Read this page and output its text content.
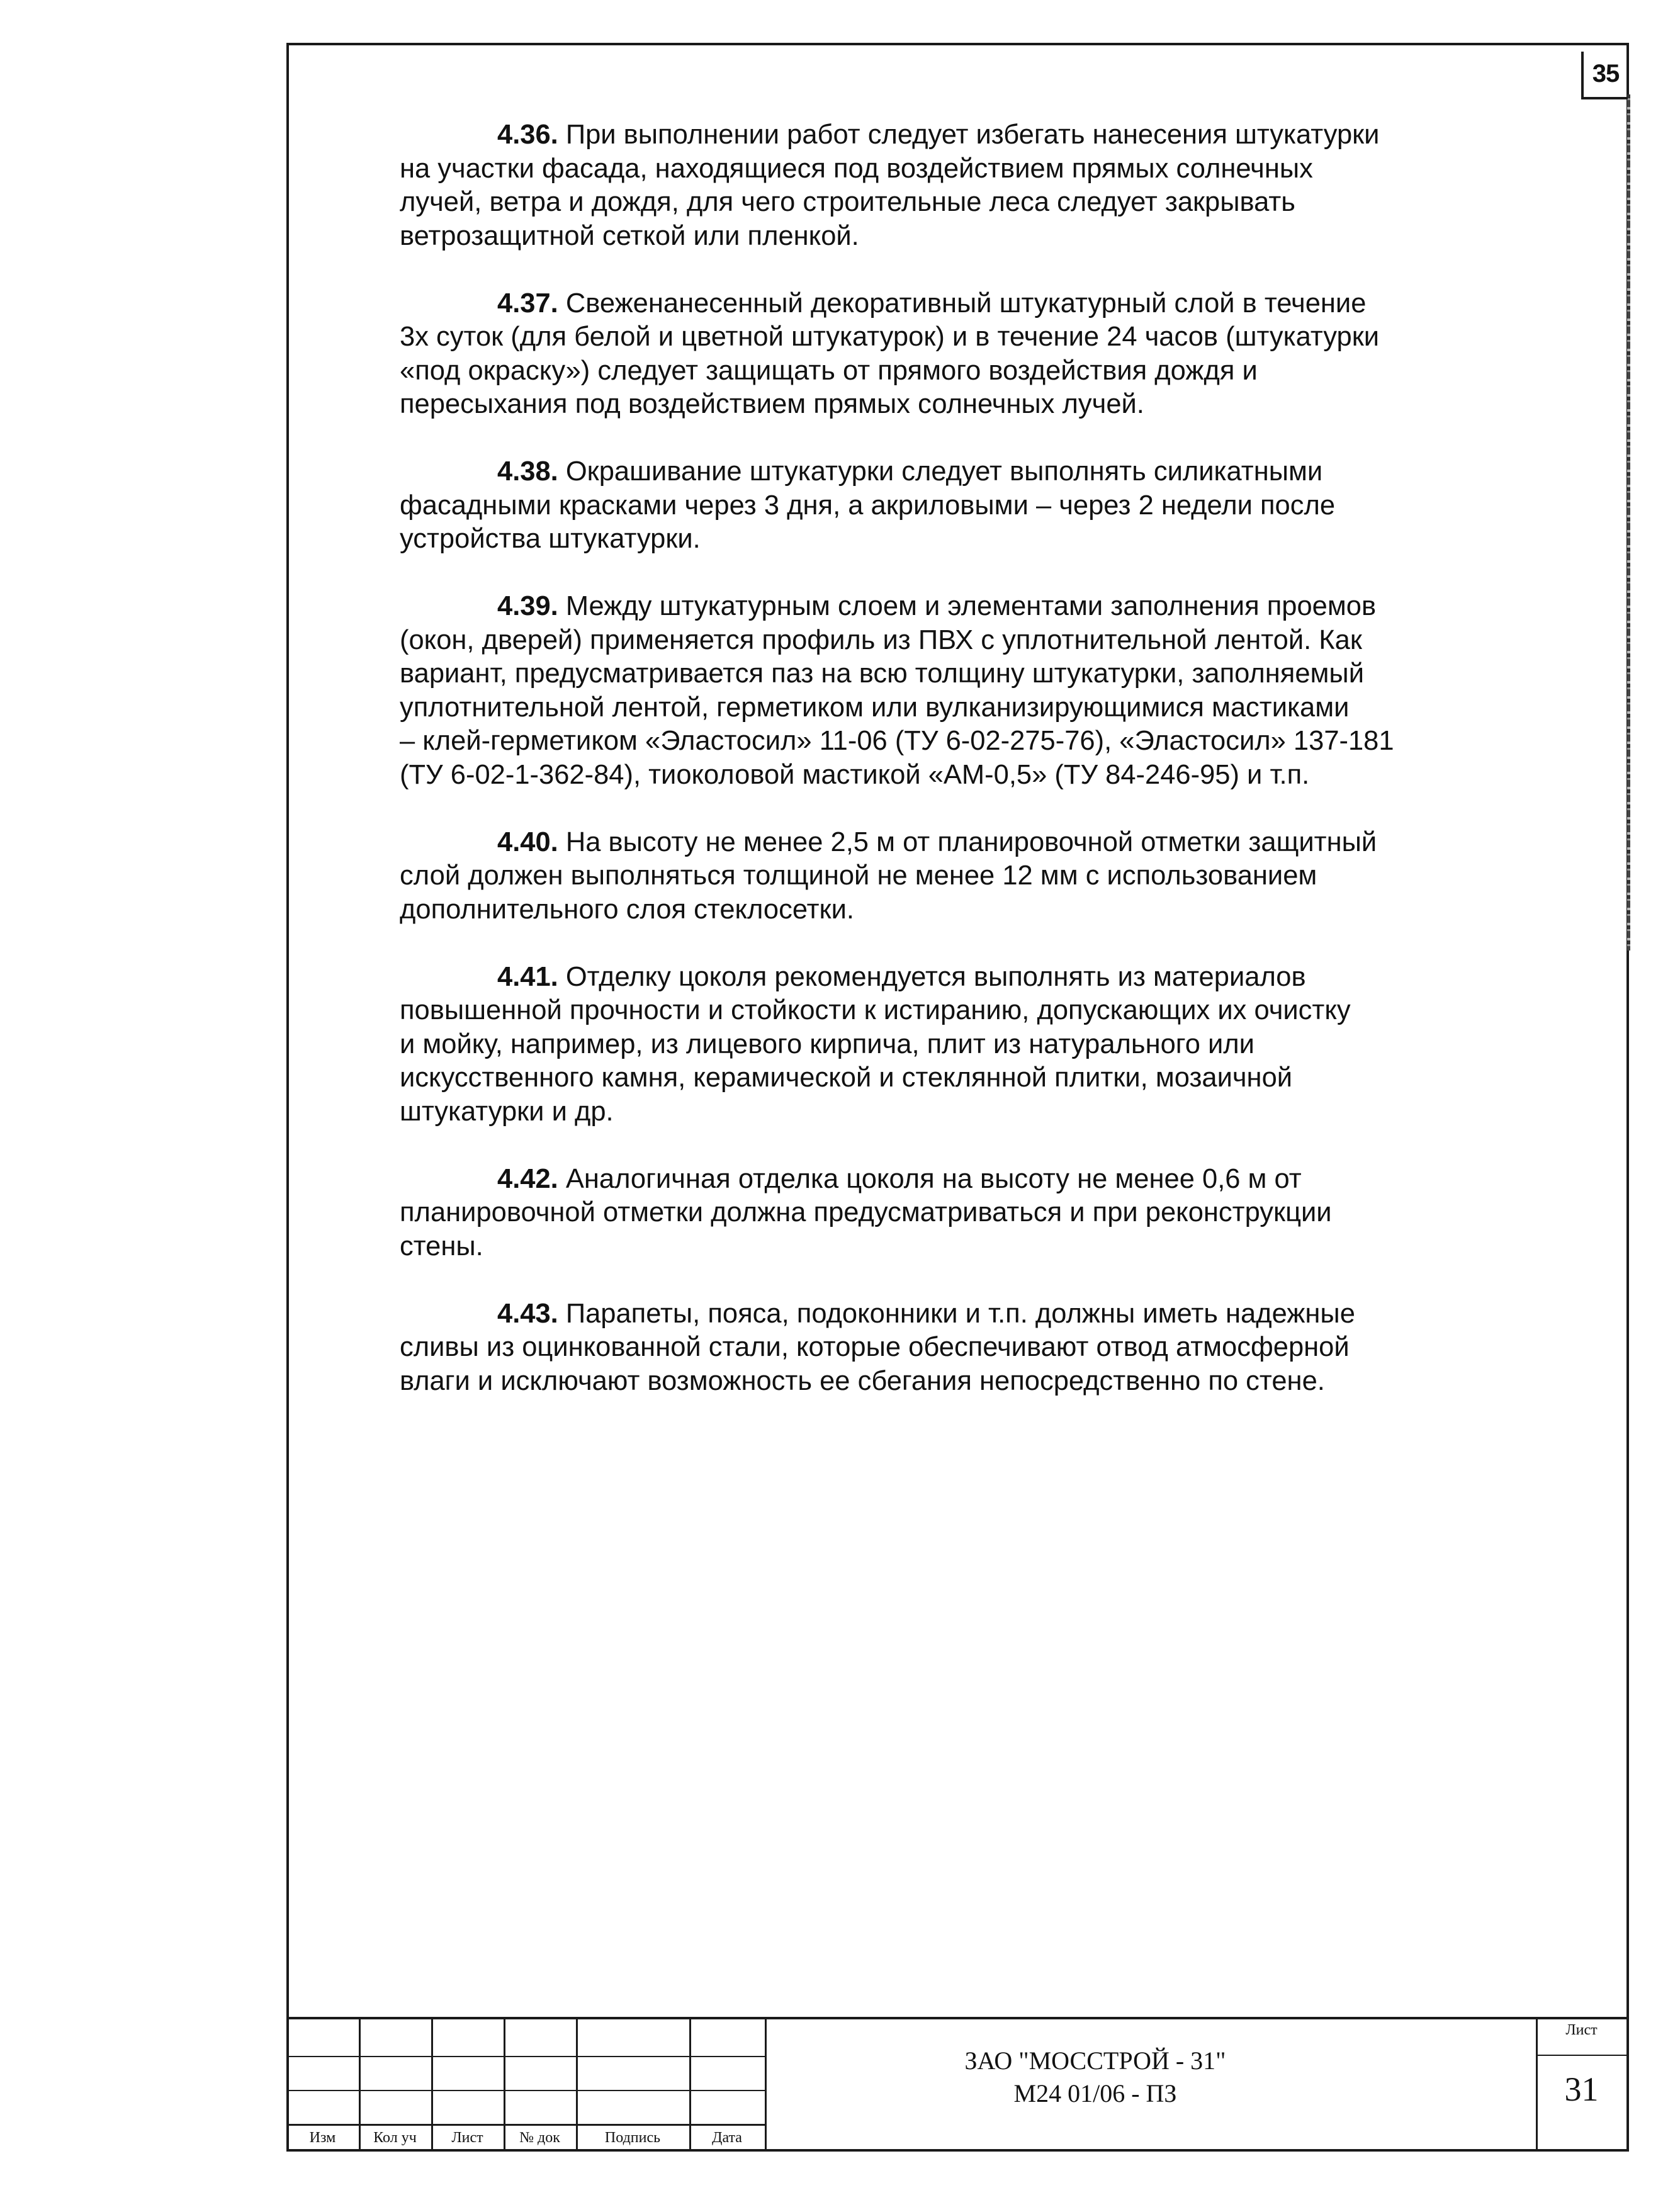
35
4.36. При выполнении работ следует избегать нанесения штукатурки
на участки фасада, находящиеся под воздействием прямых солнечных
лучей, ветра и дождя, для чего строительные леса следует закрывать
ветрозащитной сеткой или пленкой.
4.37. Свеженанесенный декоративный штукатурный слой в течение
3х суток (для белой и цветной штукатурок) и в течение 24 часов (штукатурки
«под окраску») следует защищать от прямого воздействия дождя и
пересыхания под воздействием прямых солнечных лучей.
4.38. Окрашивание штукатурки следует выполнять силикатными
фасадными красками через 3 дня, а акриловыми – через 2 недели после
устройства штукатурки.
4.39. Между штукатурным слоем и элементами заполнения проемов
(окон, дверей) применяется профиль из ПВХ с уплотнительной лентой. Как
вариант, предусматривается паз на всю толщину штукатурки, заполняемый
уплотнительной лентой, герметиком или вулканизирующимися мастиками
– клей-герметиком «Эластосил» 11-06 (ТУ 6-02-275-76), «Эластосил» 137-181
(ТУ 6-02-1-362-84), тиоколовой мастикой «АМ-0,5» (ТУ 84-246-95) и т.п.
4.40. На высоту не менее 2,5 м от планировочной отметки защитный
слой должен выполняться толщиной не менее 12 мм с использованием
дополнительного слоя стеклосетки.
4.41. Отделку цоколя рекомендуется выполнять из материалов
повышенной прочности и стойкости к истиранию, допускающих их очистку
и мойку, например, из лицевого кирпича, плит из натурального или
искусственного камня, керамической и стеклянной плитки, мозаичной
штукатурки и др.
4.42. Аналогичная отделка цоколя на высоту не менее 0,6 м от
планировочной отметки должна предусматриваться и при реконструкции
стены.
4.43. Парапеты, пояса, подоконники и т.п. должны иметь надежные
сливы из оцинкованной стали, которые обеспечивают отвод атмосферной
влаги и исключают возможность ее сбегания непосредственно по стене.
Изм	Кол уч	Лист	№ док	Подпись	Дата
ЗАО "МОССТРОЙ - 31"
М24 01/06 - ПЗ
Лист
31
